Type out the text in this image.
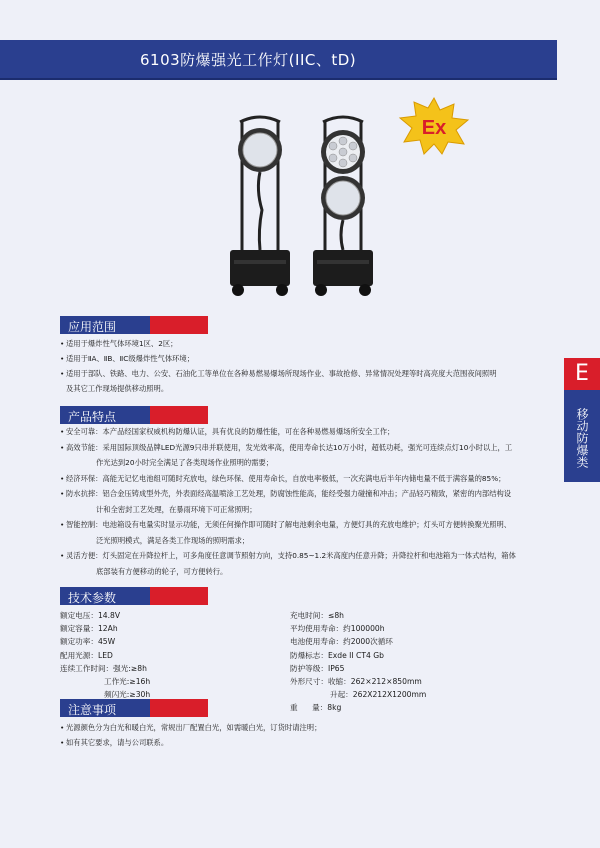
6103防爆强光工作灯(IIC、tD)
Ex
E
移动防爆类
应用范围
• 适用于爆炸性气体环境1区、2区；
• 适用于ⅡA、ⅡB、ⅡC级爆炸性气体环境；
• 适用于部队、铁路、电力、公安、石油化工等单位在各种易燃易爆场所现场作业、事故抢修、异常情况处理等时高亮度大范围夜间照明
及其它工作现场提供移动照明。
产品特点
• 安全可靠：本产品经国家权威机构防爆认证，具有优良的防爆性能，可在各种易燃易爆场所安全工作；
• 高效节能：采用国际顶级品牌LED光源9只串并联使用，发光效率高，使用寿命长达10万小时，超低功耗，强光可连续点灯10小时以上，工
作光达到20小时完全满足了各类现场作业照明的需要；
• 经济环保：高能无记忆电池组可随时充放电，绿色环保、使用寿命长，自放电率极低，一次充满电后半年内储电量不低于满容量的85%；
• 防水抗摔：铝合金压铸成型外壳，外表面经高温喷涂工艺处理，防腐蚀性能高，能经受强力碰撞和冲击；产品轻巧精致，紧密的内部结构设
计和全密封工艺处理，在暴雨环境下可正常照明；
• 智能控制：电池箱设有电量实时显示功能，无须任何操作即可随时了解电池剩余电量，方便灯具的充放电维护；灯头可方便转换聚光照明、
泛光照明模式，满足各类工作现场的照明需求；
• 灵活方便：灯头固定在升降拉杆上，可多角度任意调节照射方向，支持0.85~1.2米高度内任意升降；升降拉杆和电池箱为一体式结构，箱体
底部装有方便移动的轮子，可方便转行。
技术参数
额定电压：14.8V
额定容量：12Ah
额定功率：45W
配用光源：LED
连续工作时间：强光:≥8h
工作光:≥16h
频闪光:≥30h
充电时间：≤8h
平均使用寿命：约100000h
电池使用寿命：约2000次循环
防爆标志：Exde II CT4 Gb
防护等级：IP65
外形尺寸：收缩：262×212×850mm
升起：262X212X1200mm
重      量：8kg
注意事项
• 光源颜色分为白光和暖白光，常规出厂配置白光，如需暖白光，订货时请注明；
• 如有其它要求，请与公司联系。
